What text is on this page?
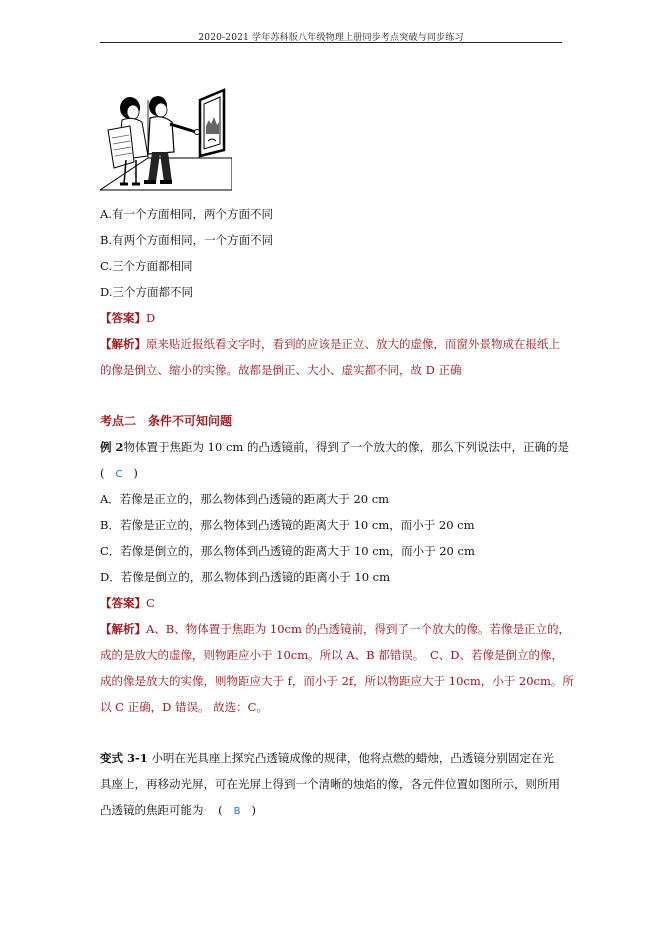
2020-2021 学年苏科版八年级物理上册同步考点突破与同步练习
A.有一个方面相同，两个方面不同
B.有两个方面相同，一个方面不同
C.三个方面都相同
D.三个方面都不同
【答案】D
【解析】原来贴近报纸看文字时，看到的应该是正立、放大的虚像，而窗外景物成在报纸上
的像是倒立、缩小的实像。故都是倒正、大小、虚实都不同，故 D 正确
考点二　条件不可知问题
例 2物体置于焦距为 10 cm 的凸透镜前，得到了一个放大的像，那么下列说法中，正确的是
( C )
A．若像是正立的，那么物体到凸透镜的距离大于 20 cm
B．若像是正立的，那么物体到凸透镜的距离大于 10 cm，而小于 20 cm
C．若像是倒立的，那么物体到凸透镜的距离大于 10 cm，而小于 20 cm
D．若像是倒立的，那么物体到凸透镜的距离小于 10 cm
【答案】C
【解析】A、B、物体置于焦距为 10cm 的凸透镜前，得到了一个放大的像。若像是正立的，
成的是放大的虚像，则物距应小于 10cm。所以 A、B 都错误。　C、D、若像是倒立的像，
成的像是放大的实像，则物距应大于 f，而小于 2f，所以物距应大于 10cm，小于 20cm。所
以 C 正确，D 错误。 故选：C。
变式 3-1 小明在光具座上探究凸透镜成像的规律，他将点燃的蜡烛，凸透镜分别固定在光
具座上，再移动光屏，可在光屏上得到一个清晰的烛焰的像，各元件位置如图所示，则所用
凸透镜的焦距可能为 ( B )
